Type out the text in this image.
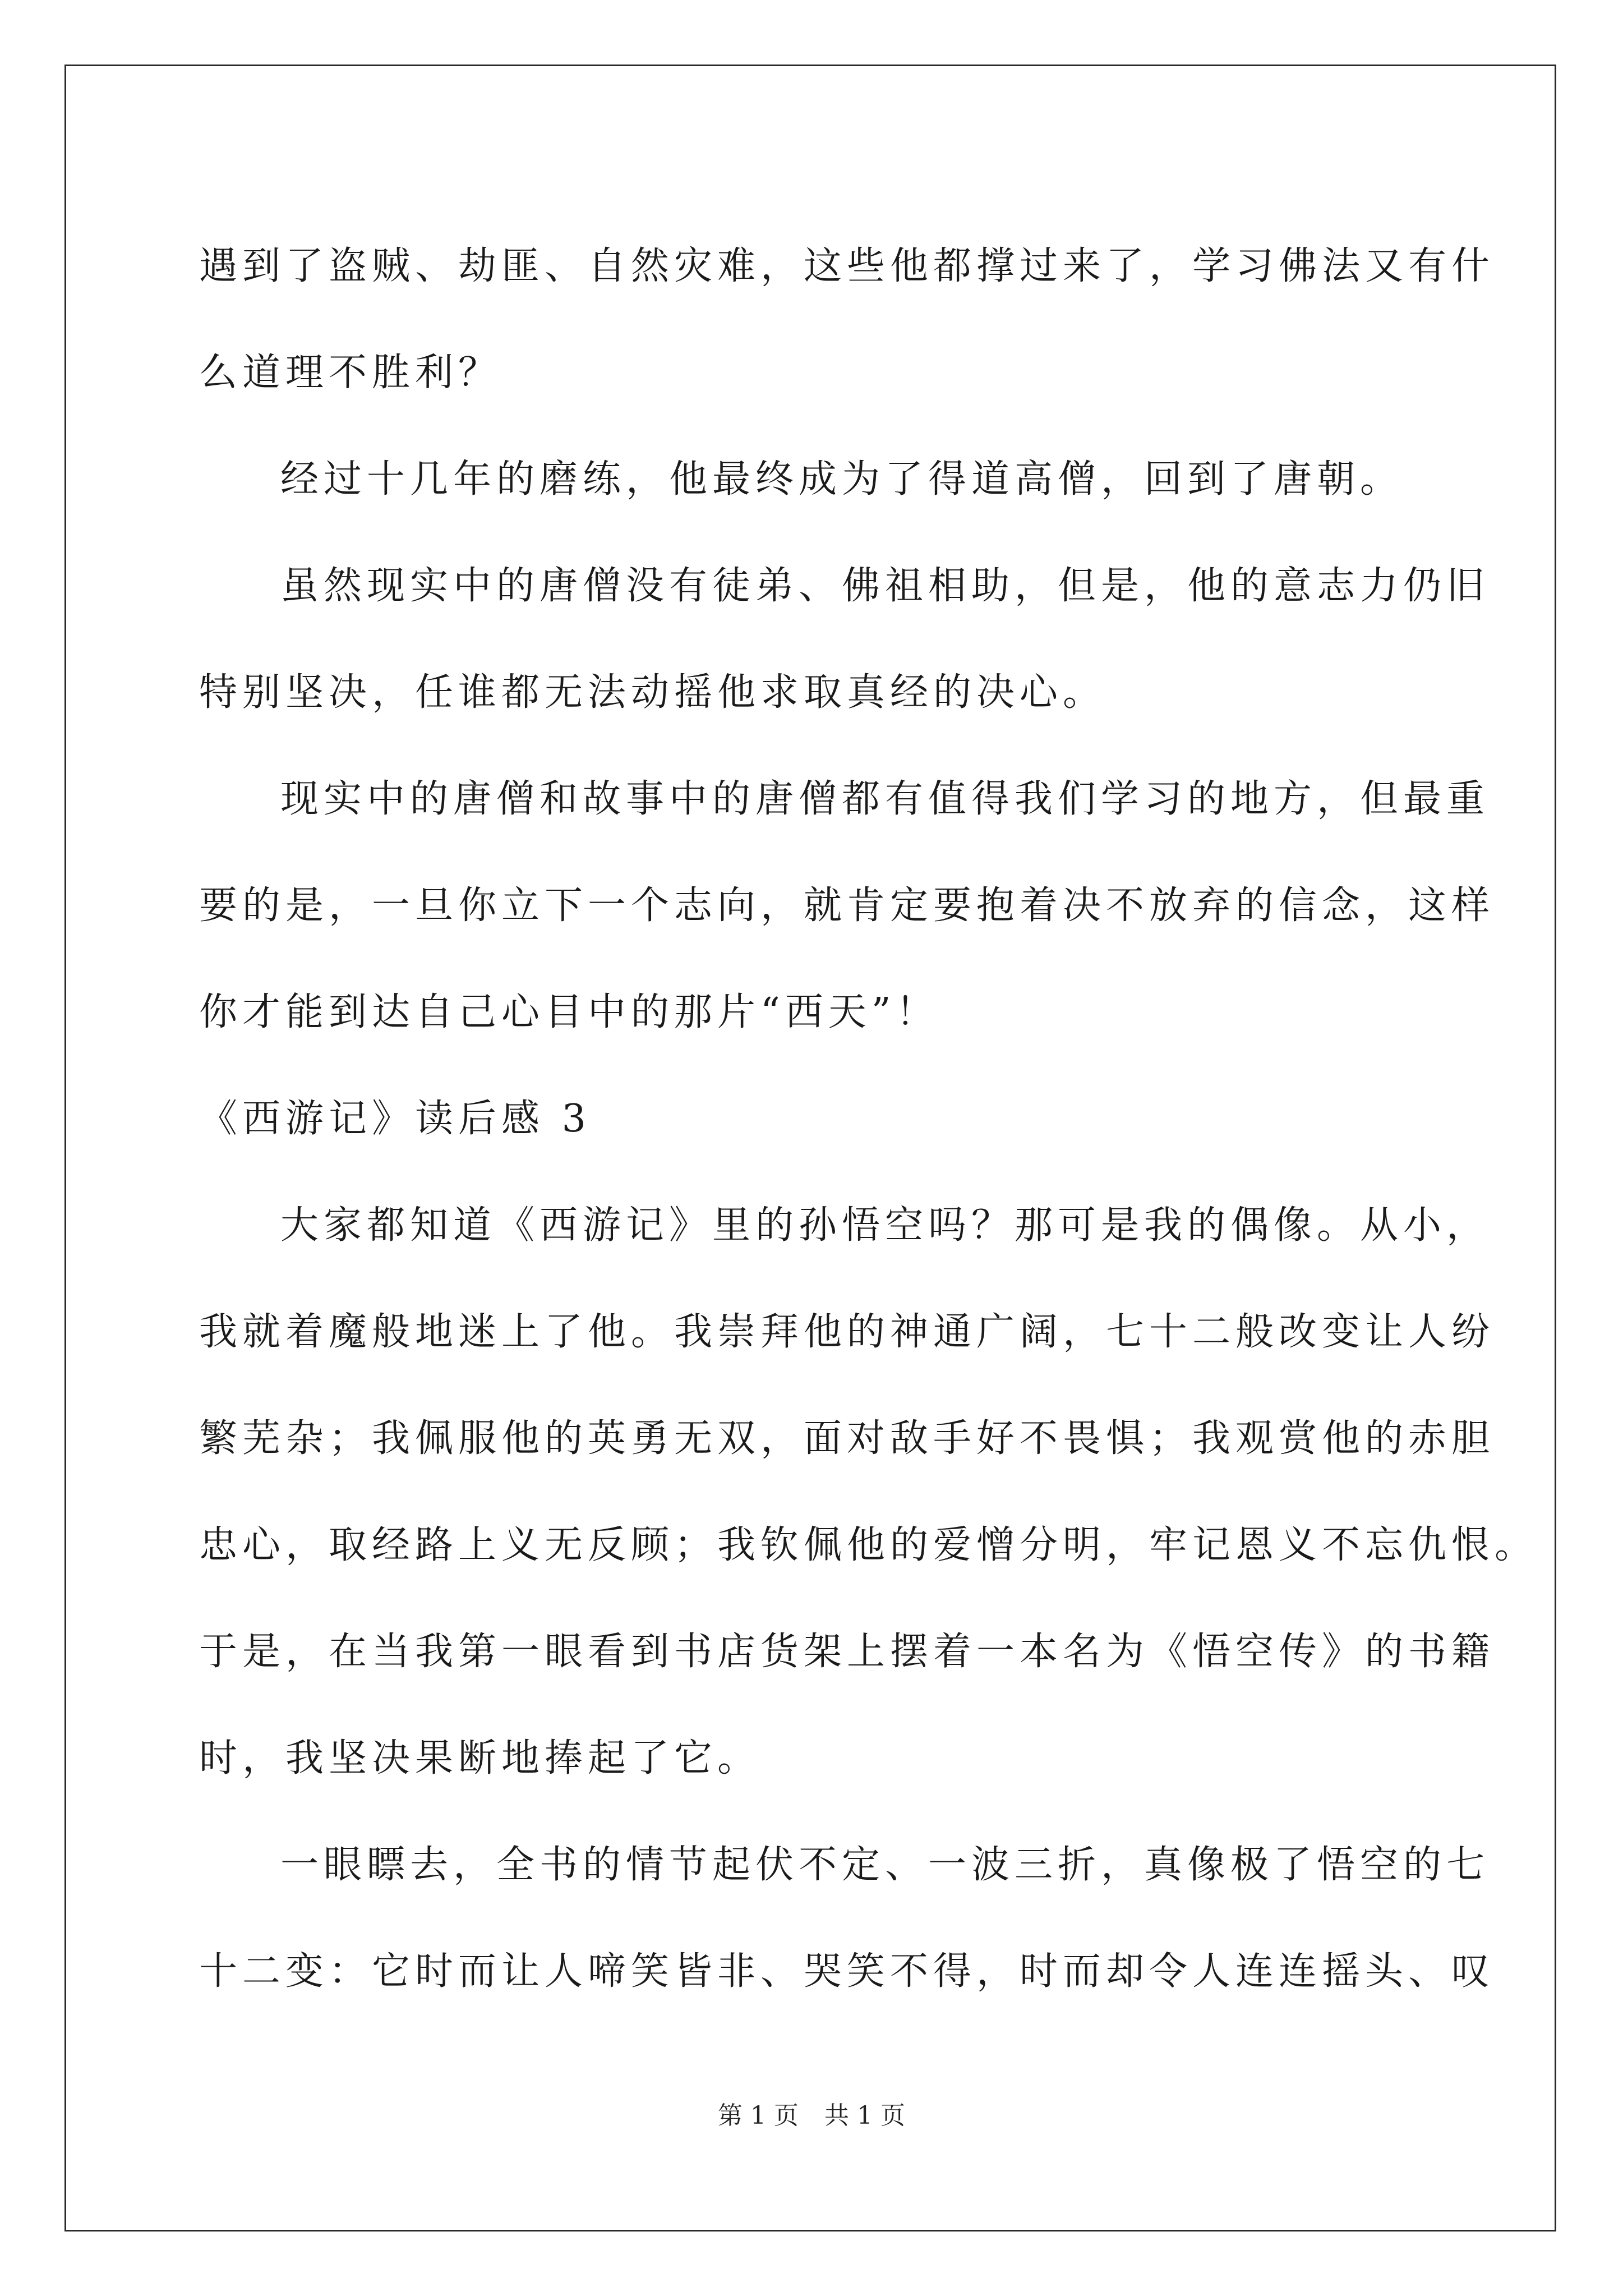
遇到了盗贼、劫匪、自然灾难，这些他都撑过来了，学习佛法又有什
么道理不胜利？
经过十几年的磨练，他最终成为了得道高僧，回到了唐朝。
虽然现实中的唐僧没有徒弟、佛祖相助，但是，他的意志力仍旧
特别坚决，任谁都无法动摇他求取真经的决心。
现实中的唐僧和故事中的唐僧都有值得我们学习的地方，但最重
要的是，一旦你立下一个志向，就肯定要抱着决不放弃的信念，这样
你才能到达自己心目中的那片“西天”！
《西游记》读后感 3
大家都知道《西游记》里的孙悟空吗？那可是我的偶像。从小，
我就着魔般地迷上了他。我崇拜他的神通广阔，七十二般改变让人纷
繁芜杂；我佩服他的英勇无双，面对敌手好不畏惧；我观赏他的赤胆
忠心，取经路上义无反顾；我钦佩他的爱憎分明，牢记恩义不忘仇恨。
于是，在当我第一眼看到书店货架上摆着一本名为《悟空传》的书籍
时，我坚决果断地捧起了它。
一眼瞟去，全书的情节起伏不定、一波三折，真像极了悟空的七
十二变：它时而让人啼笑皆非、哭笑不得，时而却令人连连摇头、叹
第 1 页 共 1 页
